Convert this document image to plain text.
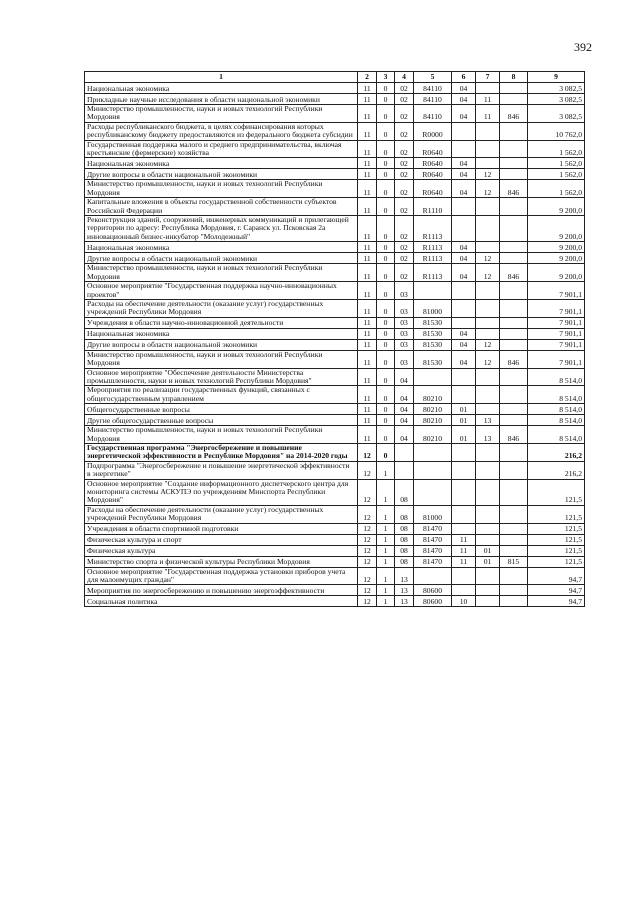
392
1	2	3	4	5	6	7	8	9
Национальная экономика	11	0	02	84110	04			3 082,5
Прикладные научные исследования в области национальной экономики	11	0	02	84110	04	11		3 082,5
Министерство промышленности, науки и новых технологий Республики Мордовия	11	0	02	84110	04	11	846	3 082,5
Расходы республиканского бюджета, в целях софинансирования которых республиканскому бюджету предоставляются из федерального бюджета субсидии	11	0	02	R0000				10 762,0
Государственная поддержка малого и среднего предпринимательства, включая крестьянские (фермерские) хозяйства	11	0	02	R0640				1 562,0
Национальная экономика	11	0	02	R0640	04			1 562,0
Другие вопросы в области национальной экономики	11	0	02	R0640	04	12		1 562,0
Министерство промышленности, науки и новых технологий Республики Мордовия	11	0	02	R0640	04	12	846	1 562,0
Капитальные вложения в объекты государственной собственности субъектов Российской Федерации	11	0	02	R1110				9 200,0
Реконструкция зданий, сооружений, инженерных коммуникаций и прилегающей территории по адресу: Республика Мордовия, г. Саранск ул. Псковская 2а инновационный бизнес-инкубатор "Молодежный"	11	0	02	R1113				9 200,0
Национальная экономика	11	0	02	R1113	04			9 200,0
Другие вопросы в области национальной экономики	11	0	02	R1113	04	12		9 200,0
Министерство промышленности, науки и новых технологий Республики Мордовия	11	0	02	R1113	04	12	846	9 200,0
Основное мероприятие "Государственная поддержка научно-инновационных проектов"	11	0	03					7 901,1
Расходы на обеспечение деятельности (оказание услуг) государственных учреждений Республики Мордовия	11	0	03	81000				7 901,1
Учреждения в области научно-инновационной деятельности	11	0	03	81530				7 901,1
Национальная экономика	11	0	03	81530	04			7 901,1
Другие вопросы в области национальной экономики	11	0	03	81530	04	12		7 901,1
Министерство промышленности, науки и новых технологий Республики Мордовия	11	0	03	81530	04	12	846	7 901,1
Основное мероприятие "Обеспечение деятельности Министерства промышленности, науки и новых технологий Республики Мордовия"	11	0	04					8 514,0
Мероприятия по реализации государственных функций, связанных с общегосударственным управлением	11	0	04	80210				8 514,0
Общегосударственные вопросы	11	0	04	80210	01			8 514,0
Другие общегосударственные вопросы	11	0	04	80210	01	13		8 514,0
Министерство промышленности, науки и новых технологий Республики Мордовия	11	0	04	80210	01	13	846	8 514,0
Государственная программа "Энергосбережение и повышение энергетической эффективности в Республике Мордовия" на 2014-2020 годы	12	0						216,2
Подпрограмма "Энергосбережение и повышение энергетической эффективности в энергетике"	12	1						216,2
Основное мероприятие "Создание информационного диспетчерского центра для мониторинга системы АСКУПЭ по учреждениям Минспорта Республики Мордовия"	12	1	08					121,5
Расходы на обеспечение деятельности (оказание услуг) государственных учреждений Республики Мордовия	12	1	08	81000				121,5
Учреждения в области спортивной подготовки	12	1	08	81470				121,5
Физическая культура и спорт	12	1	08	81470	11			121,5
Физическая культура	12	1	08	81470	11	01		121,5
Министерство спорта и физической культуры Республики Мордовия	12	1	08	81470	11	01	815	121,5
Основное мероприятие "Государственная поддержка установки приборов учета для малоимущих граждан"	12	1	13					94,7
Мероприятия по энергосбережению и повышению энергоэффективности	12	1	13	80600				94,7
Социальная политика	12	1	13	80600	10			94,7
